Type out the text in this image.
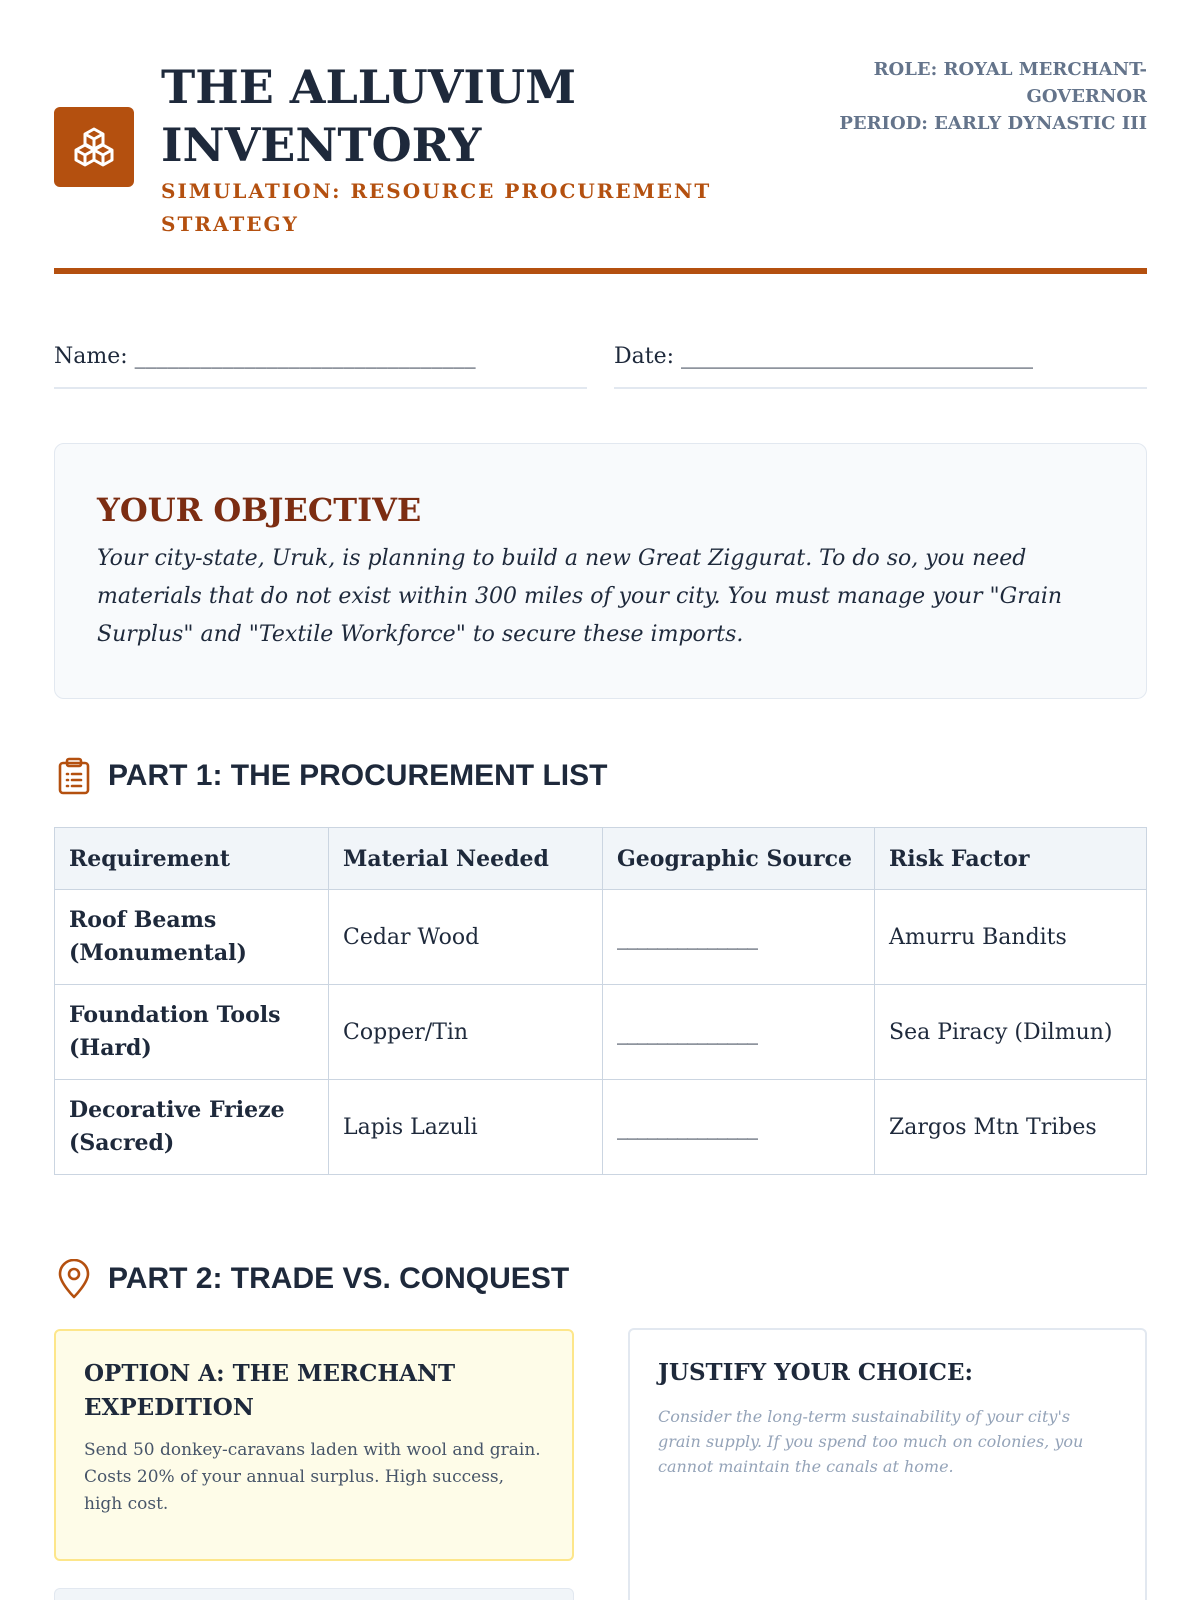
THE ALLUVIUM
INVENTORY
SIMULATION: RESOURCE PROCUREMENT STRATEGY
ROLE: ROYAL MERCHANT-GOVERNOR
PERIOD: EARLY DYNASTIC III
Name: _______________________________	Date: ________________________________
YOUR OBJECTIVE

Your city-state, Uruk, is planning to build a new Great Ziggurat. To do so, you need materials that do not exist within 300 miles of your city. You must manage your "Grain Surplus" and "Textile Workforce" to secure these imports.

PART 1: THE PROCUREMENT LIST
Requirement	Material Needed	Geographic Source	Risk Factor
Roof Beams (Monumental)	Cedar Wood	______________	Amurru Bandits
Foundation Tools (Hard)	Copper/Tin	______________	Sea Piracy (Dilmun)
Decorative Frieze (Sacred)	Lapis Lazuli	______________	Zargos Mtn Tribes
PART 2: TRADE VS. CONQUEST
OPTION A: THE MERCHANT EXPEDITION

Send 50 donkey-caravans laden with wool and grain. Costs 20% of your annual surplus. High success, high cost.

JUSTIFY YOUR CHOICE:

Consider the long-term sustainability of your city's grain supply. If you spend too much on colonies, you cannot maintain the canals at home.
